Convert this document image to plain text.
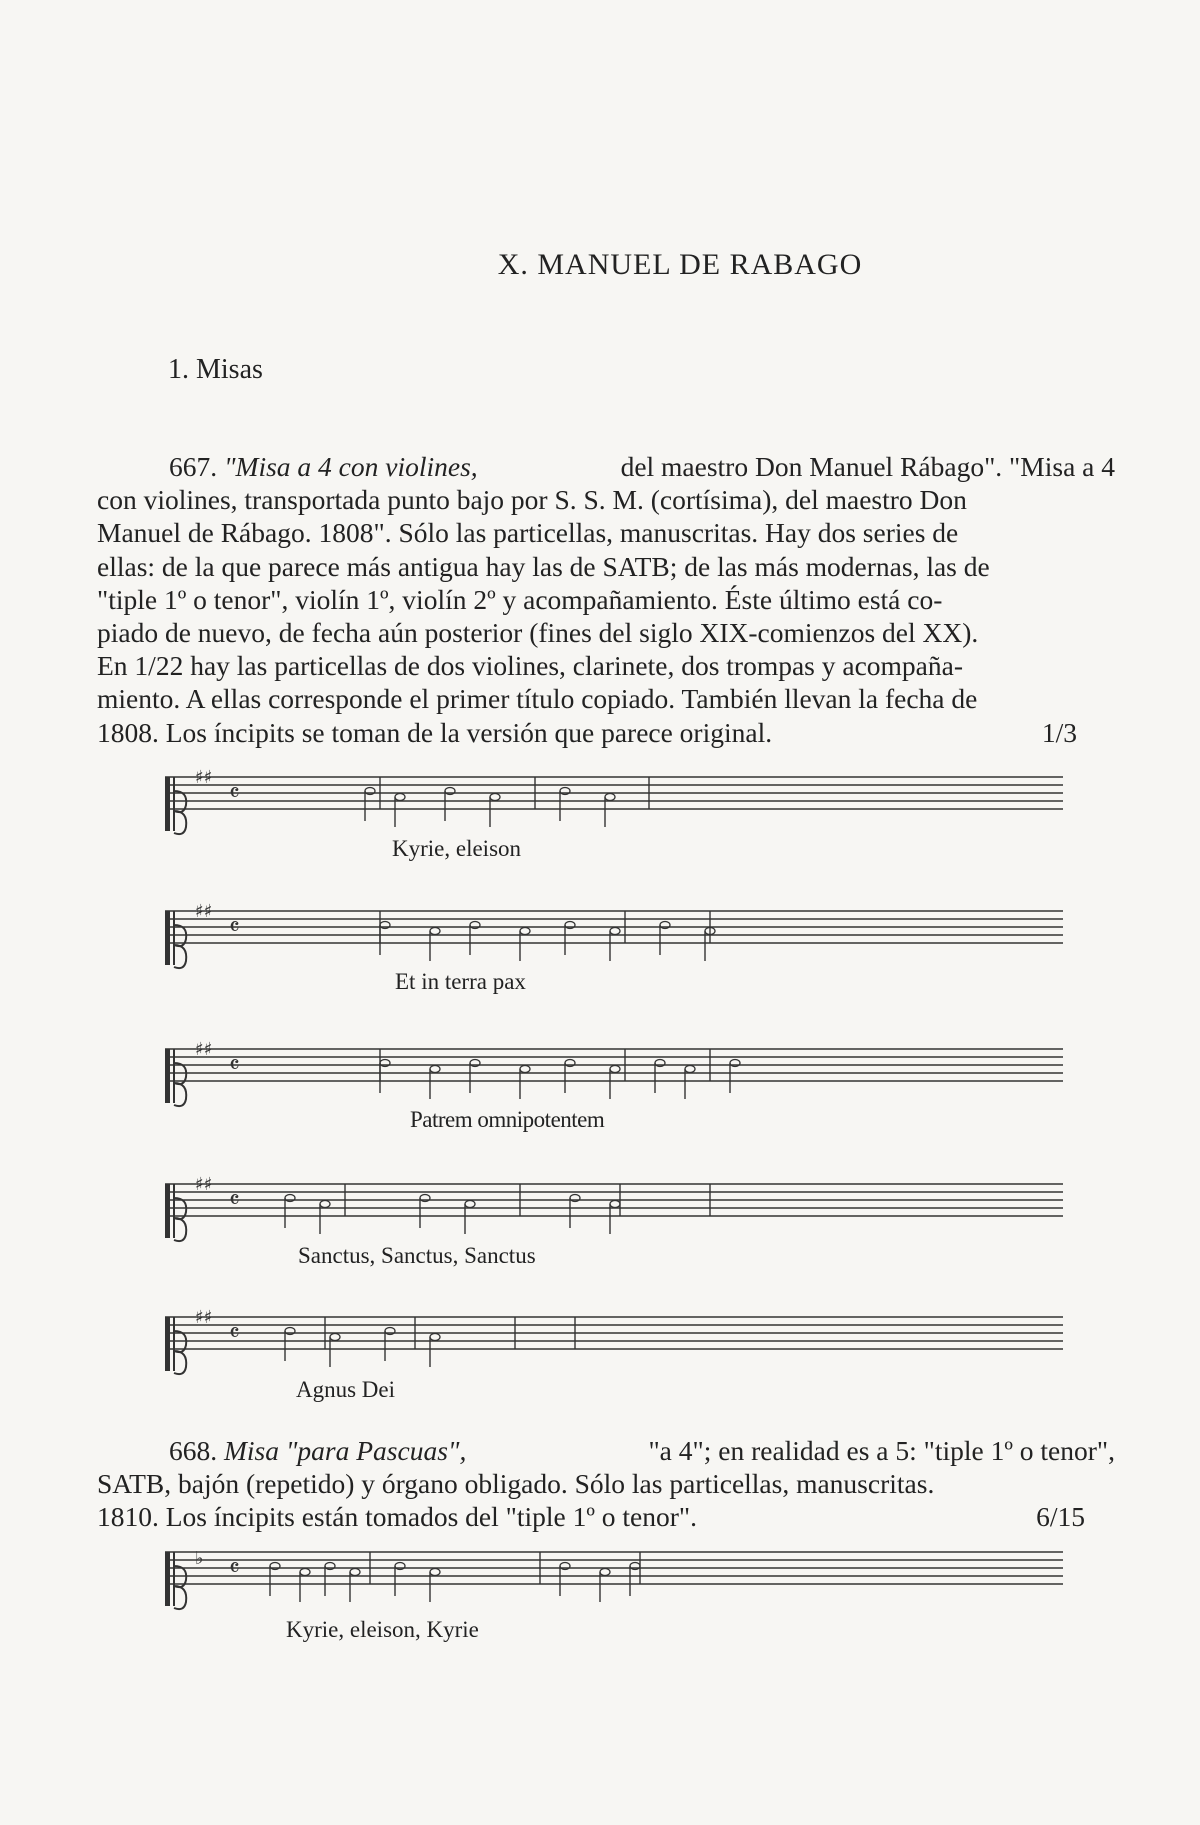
X. MANUEL DE RABAGO
1. Misas
667. "Misa a 4 con violines,	del maestro Don Manuel Rábago". "Misa a 4
con violines, transportada punto bajo por S. S. M. (cortísima), del maestro Don
Manuel de Rábago. 1808". Sólo las particellas, manuscritas. Hay dos series de
ellas: de la que parece más antigua hay las de SATB; de las más modernas, las de
"tiple 1º o tenor", violín 1º, violín 2º y acompañamiento. Éste último está co-
piado de nuevo, de fecha aún posterior (fines del siglo XIX-comienzos del XX).
En 1/22 hay las particellas de dos violines, clarinete, dos trompas y acompaña-
miento. A ellas corresponde el primer título copiado. También llevan la fecha de
1808. Los íncipits se toman de la versión que parece original.	1/3
♯♯
𝄴
Kyrie, eleison
♯♯
𝄴
Et in terra pax
♯♯
𝄴
Patrem omnipotentem
♯♯
𝄴
Sanctus, Sanctus, Sanctus
♯♯
𝄴
Agnus Dei
668. Misa "para Pascuas",	"a 4"; en realidad es a 5: "tiple 1º o tenor",
SATB, bajón (repetido) y órgano obligado. Sólo las particellas, manuscritas.
1810. Los íncipits están tomados del "tiple 1º o tenor".	6/15
♭ 𝄴
Kyrie, eleison, Kyrie
